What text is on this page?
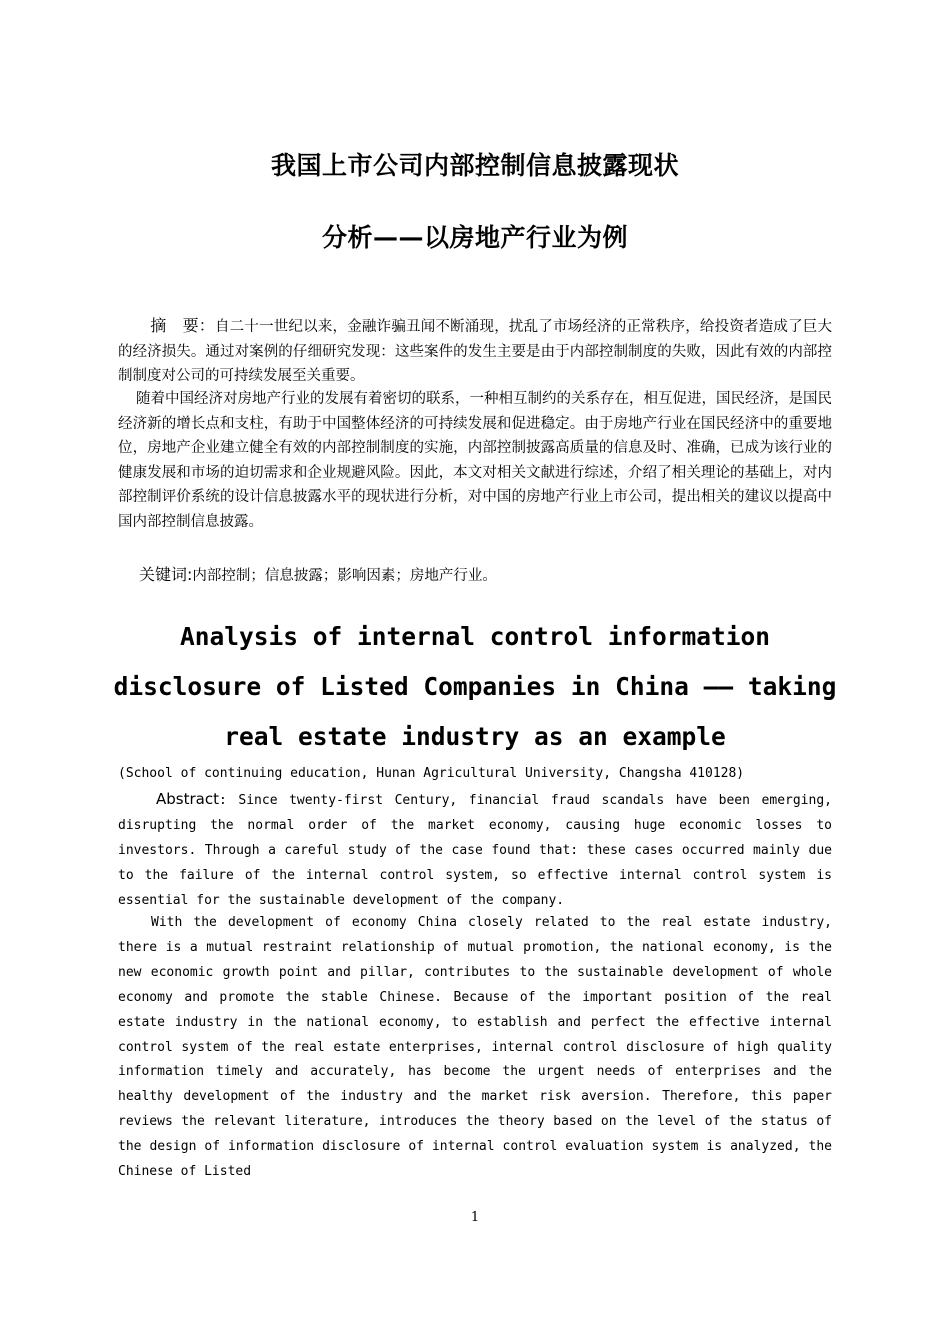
我国上市公司内部控制信息披露现状
分析——以房地产行业为例

摘　要：自二十一世纪以来，金融诈骗丑闻不断涌现，扰乱了市场经济的正常秩序，给投资者造成了巨大的经济损失。通过对案例的仔细研究发现：这些案件的发生主要是由于内部控制制度的失败，因此有效的内部控制制度对公司的可持续发展至关重要。

随着中国经济对房地产行业的发展有着密切的联系，一种相互制约的关系存在，相互促进，国民经济，是国民经济新的增长点和支柱，有助于中国整体经济的可持续发展和促进稳定。由于房地产行业在国民经济中的重要地位，房地产企业建立健全有效的内部控制制度的实施，内部控制披露高质量的信息及时、准确，已成为该行业的健康发展和市场的迫切需求和企业规避风险。因此，本文对相关文献进行综述，介绍了相关理论的基础上，对内部控制评价系统的设计信息披露水平的现状进行分析，对中国的房地产行业上市公司，提出相关的建议以提高中国内部控制信息披露。

关键词:内部控制；信息披露；影响因素；房地产行业。
Analysis of internal control information
disclosure of Listed Companies in China —— taking
real estate industry as an example
(School of continuing education, Hunan Agricultural University, Changsha 410128)

Abstract: Since twenty-first Century, financial fraud scandals have been emerging, disrupting the normal order of the market economy, causing huge economic losses to investors. Through a careful study of the case found that: these cases occurred mainly due to the failure of the internal control system, so effective internal control system is essential for the sustainable development of the company.

With the development of economy China closely related to the real estate industry, there is a mutual restraint relationship of mutual promotion, the national economy, is the new economic growth point and pillar, contributes to the sustainable development of whole economy and promote the stable Chinese. Because of the important position of the real estate industry in the national economy, to establish and perfect the effective internal control system of the real estate enterprises, internal control disclosure of high quality information timely and accurately, has become the urgent needs of enterprises and the healthy development of the industry and the market risk aversion. Therefore, this paper reviews the relevant literature, introduces the theory based on the level of the status of the design of information disclosure of internal control evaluation system is analyzed, the Chinese of Listed

1
